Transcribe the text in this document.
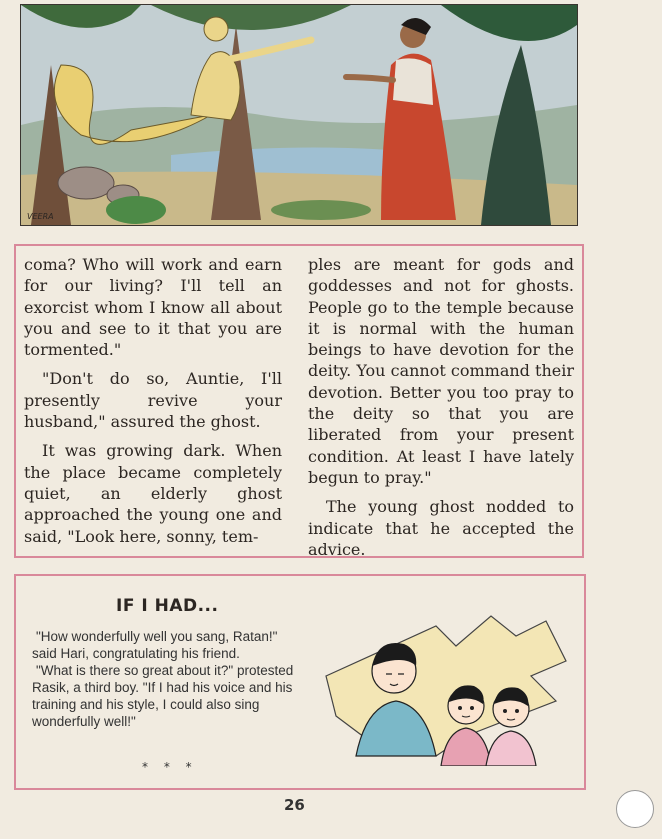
VEERA

coma? Who will work and earn for our living? I'll tell an exorcist whom I know all about you and see to it that you are tormented."

"Don't do so, Auntie, I'll presently revive your husband," assured the ghost.

It was growing dark. When the place became completely quiet, an elderly ghost approached the young one and said, "Look here, sonny, tem-

ples are meant for gods and goddesses and not for ghosts. People go to the temple because it is normal with the human beings to have devotion for the deity. You cannot command their devotion. Better you too pray to the deity so that you are liberated from your present condition. At least I have lately begun to pray."

The young ghost nodded to indicate that he accepted the advice.

IF I HAD...

"How wonderfully well you sang, Ratan!" said Hari, congratulating his friend.

"What is there so great about it?" protested Rasik, a third boy. "If I had his voice and his training and his style, I could also sing wonderfully well!"

* * *
26
